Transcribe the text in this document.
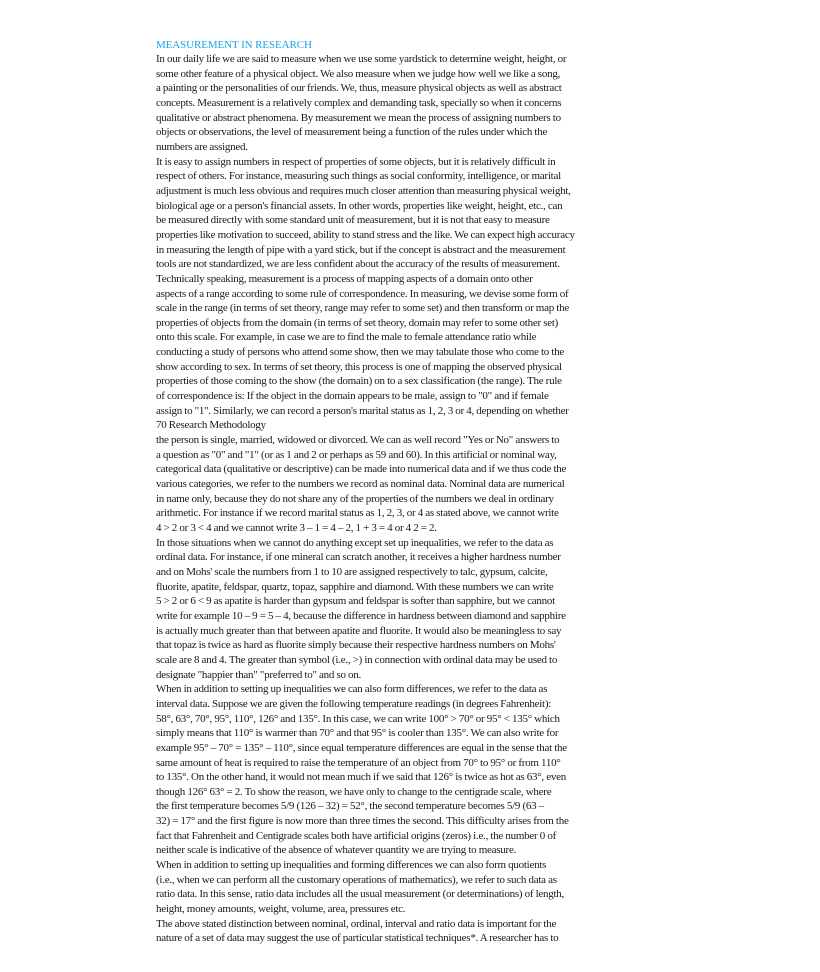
MEASUREMENT IN RESEARCH
In our daily life we are said to measure when we use some yardstick to determine weight, height, or
some other feature of a physical object. We also measure when we judge how well we like a song,
a painting or the personalities of our friends. We, thus, measure physical objects as well as abstract
concepts. Measurement is a relatively complex and demanding task, specially so when it concerns
qualitative or abstract phenomena. By measurement we mean the process of assigning numbers to
objects or observations, the level of measurement being a function of the rules under which the
numbers are assigned.
It is easy to assign numbers in respect of properties of some objects, but it is relatively difficult in
respect of others. For instance, measuring such things as social conformity, intelligence, or marital
adjustment is much less obvious and requires much closer attention than measuring physical weight,
biological age or a person's financial assets. In other words, properties like weight, height, etc., can
be measured directly with some standard unit of measurement, but it is not that easy to measure
properties like motivation to succeed, ability to stand stress and the like. We can expect high accuracy
in measuring the length of pipe with a yard stick, but if the concept is abstract and the measurement
tools are not standardized, we are less confident about the accuracy of the results of measurement.
Technically speaking, measurement is a process of mapping aspects of a domain onto other
aspects of a range according to some rule of correspondence. In measuring, we devise some form of
scale in the range (in terms of set theory, range may refer to some set) and then transform or map the
properties of objects from the domain (in terms of set theory, domain may refer to some other set)
onto this scale. For example, in case we are to find the male to female attendance ratio while
conducting a study of persons who attend some show, then we may tabulate those who come to the
show according to sex. In terms of set theory, this process is one of mapping the observed physical
properties of those coming to the show (the domain) on to a sex classification (the range). The rule
of correspondence is: If the object in the domain appears to be male, assign to "0" and if female
assign to "1". Similarly, we can record a person's marital status as 1, 2, 3 or 4, depending on whether
70 Research Methodology
the person is single, married, widowed or divorced. We can as well record "Yes or No" answers to
a question as "0" and "1" (or as 1 and 2 or perhaps as 59 and 60). In this artificial or nominal way,
categorical data (qualitative or descriptive) can be made into numerical data and if we thus code the
various categories, we refer to the numbers we record as nominal data. Nominal data are numerical
in name only, because they do not share any of the properties of the numbers we deal in ordinary
arithmetic. For instance if we record marital status as 1, 2, 3, or 4 as stated above, we cannot write
4 > 2 or 3 < 4 and we cannot write 3 – 1 = 4 – 2, 1 + 3 = 4 or 4 2 = 2.
In those situations when we cannot do anything except set up inequalities, we refer to the data as
ordinal data. For instance, if one mineral can scratch another, it receives a higher hardness number
and on Mohs' scale the numbers from 1 to 10 are assigned respectively to talc, gypsum, calcite,
fluorite, apatite, feldspar, quartz, topaz, sapphire and diamond. With these numbers we can write
5 > 2 or 6 < 9 as apatite is harder than gypsum and feldspar is softer than sapphire, but we cannot
write for example 10 – 9 = 5 – 4, because the difference in hardness between diamond and sapphire
is actually much greater than that between apatite and fluorite. It would also be meaningless to say
that topaz is twice as hard as fluorite simply because their respective hardness numbers on Mohs'
scale are 8 and 4. The greater than symbol (i.e., >) in connection with ordinal data may be used to
designate "happier than" "preferred to" and so on.
When in addition to setting up inequalities we can also form differences, we refer to the data as
interval data. Suppose we are given the following temperature readings (in degrees Fahrenheit):
58°, 63°, 70°, 95°, 110°, 126° and 135°. In this case, we can write 100° > 70° or 95° < 135° which
simply means that 110° is warmer than 70° and that 95° is cooler than 135°. We can also write for
example 95° – 70° = 135° – 110°, since equal temperature differences are equal in the sense that the
same amount of heat is required to raise the temperature of an object from 70° to 95° or from 110°
to 135°. On the other hand, it would not mean much if we said that 126° is twice as hot as 63°, even
though 126° 63° = 2. To show the reason, we have only to change to the centigrade scale, where
the first temperature becomes 5/9 (126 – 32) = 52°, the second temperature becomes 5/9 (63 –
32) = 17° and the first figure is now more than three times the second. This difficulty arises from the
fact that Fahrenheit and Centigrade scales both have artificial origins (zeros) i.e., the number 0 of
neither scale is indicative of the absence of whatever quantity we are trying to measure.
When in addition to setting up inequalities and forming differences we can also form quotients
(i.e., when we can perform all the customary operations of mathematics), we refer to such data as
ratio data. In this sense, ratio data includes all the usual measurement (or determinations) of length,
height, money amounts, weight, volume, area, pressures etc.
The above stated distinction between nominal, ordinal, interval and ratio data is important for the
nature of a set of data may suggest the use of particular statistical techniques*. A researcher has to
